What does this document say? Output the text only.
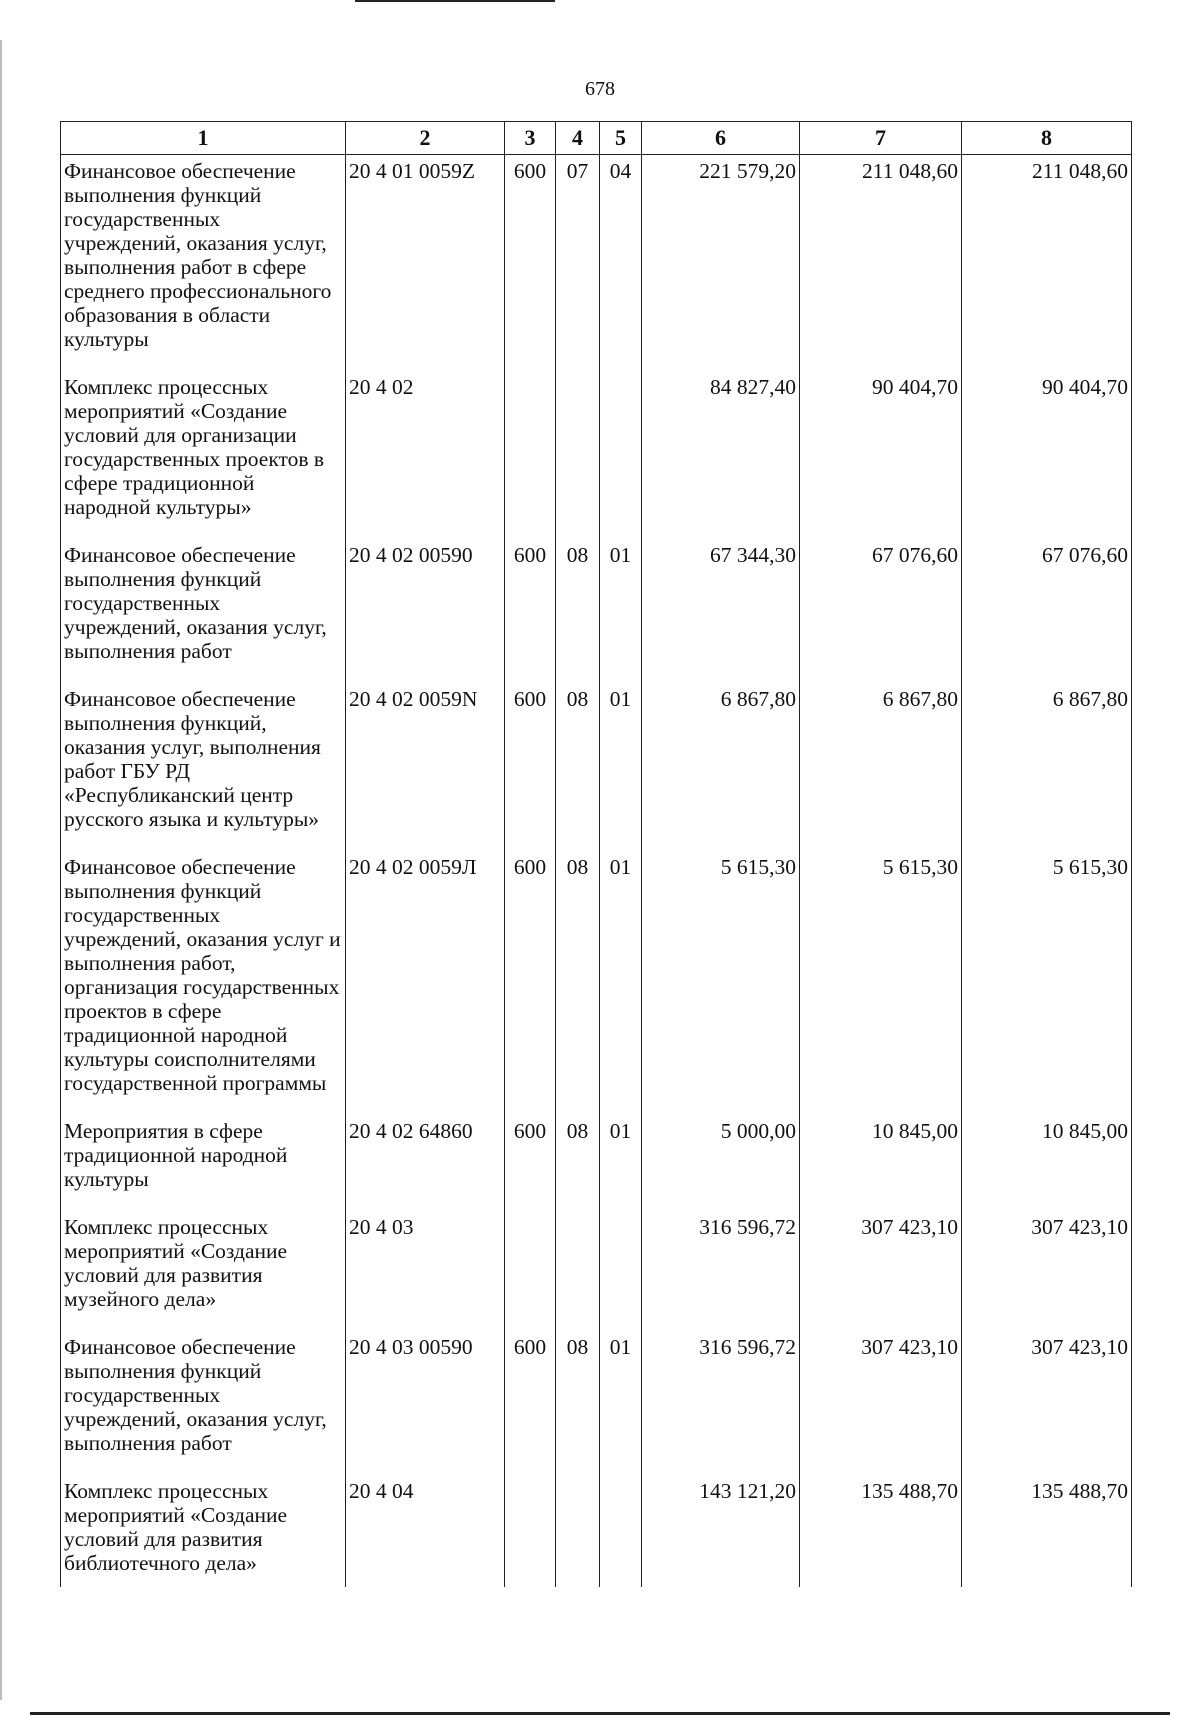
678
1	2	3	4	5	6	7	8
Финансовое обеспечение выполнения функций государственных учреждений, оказания услуг, выполнения работ в сфере среднего профессионального образования в области культуры	20 4 01 0059Z	600	07	04	221 579,20	211 048,60	211 048,60
Комплекс процессных мероприятий «Создание условий для организации государственных проектов в сфере традиционной народной культуры»	20 4 02				84 827,40	90 404,70	90 404,70
Финансовое обеспечение выполнения функций государственных учреждений, оказания услуг, выполнения работ	20 4 02 00590	600	08	01	67 344,30	67 076,60	67 076,60
Финансовое обеспечение выполнения функций, оказания услуг, выполнения работ ГБУ РД «Республиканский центр русского языка и культуры»	20 4 02 0059N	600	08	01	6 867,80	6 867,80	6 867,80
Финансовое обеспечение выполнения функций государственных учреждений, оказания услуг и выполнения работ, организация государственных проектов в сфере традиционной народной культуры соисполнителями государственной программы	20 4 02 0059Л	600	08	01	5 615,30	5 615,30	5 615,30
Мероприятия в сфере традиционной народной культуры	20 4 02 64860	600	08	01	5 000,00	10 845,00	10 845,00
Комплекс процессных мероприятий «Создание условий для развития музейного дела»	20 4 03				316 596,72	307 423,10	307 423,10
Финансовое обеспечение выполнения функций государственных учреждений, оказания услуг, выполнения работ	20 4 03 00590	600	08	01	316 596,72	307 423,10	307 423,10
Комплекс процессных мероприятий «Создание условий для развития библиотечного дела»	20 4 04				143 121,20	135 488,70	135 488,70
